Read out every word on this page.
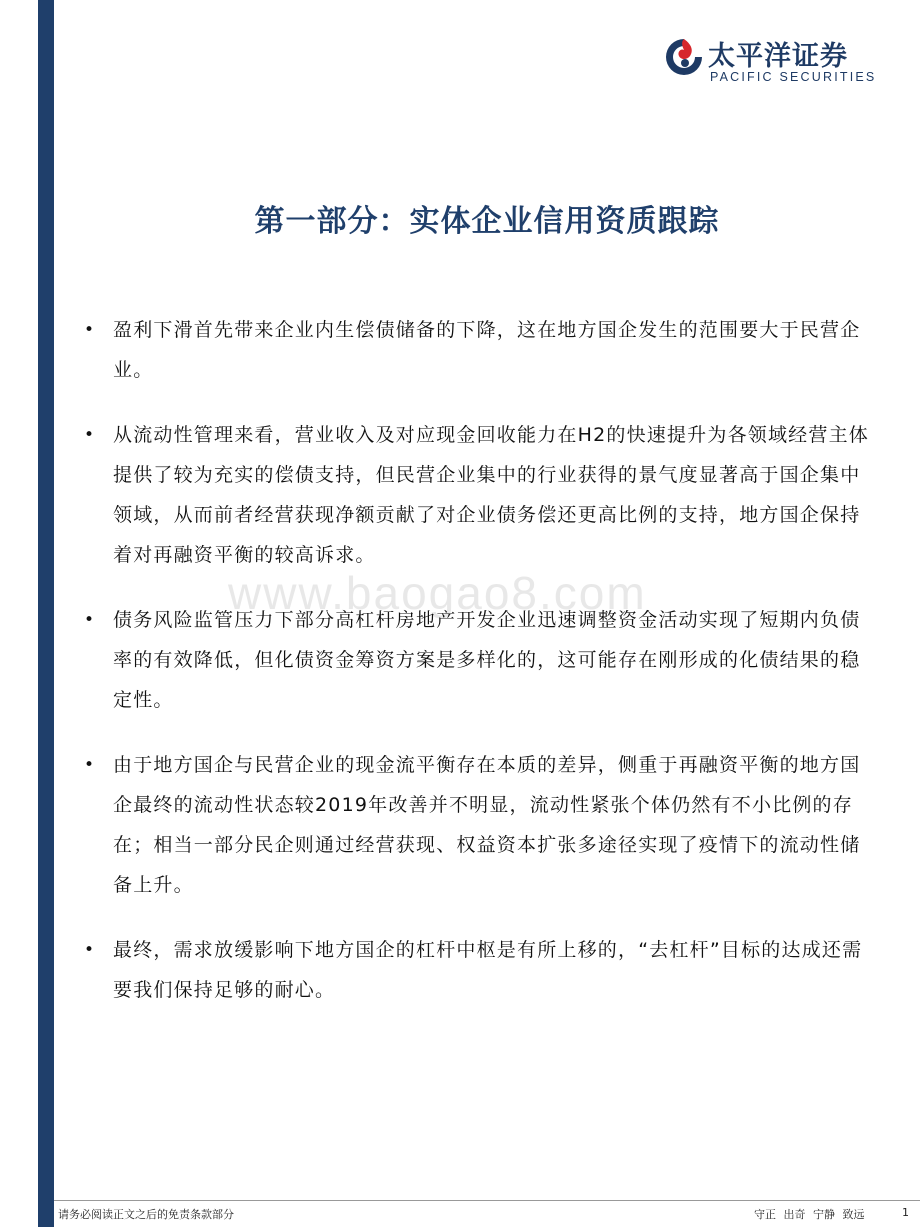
太平洋证券
PACIFIC SECURITIES
第一部分：实体企业信用资质跟踪
www.baogao8.com
• 盈利下滑首先带来企业内生偿债储备的下降，这在地方国企发生的范围要大于民营企业。
• 从流动性管理来看，营业收入及对应现金回收能力在H2的快速提升为各领域经营主体提供了较为充实的偿债支持，但民营企业集中的行业获得的景气度显著高于国企集中领域，从而前者经营获现净额贡献了对企业债务偿还更高比例的支持，地方国企保持着对再融资平衡的较高诉求。
• 债务风险监管压力下部分高杠杆房地产开发企业迅速调整资金活动实现了短期内负债率的有效降低，但化债资金筹资方案是多样化的，这可能存在刚形成的化债结果的稳定性。
• 由于地方国企与民营企业的现金流平衡存在本质的差异，侧重于再融资平衡的地方国企最终的流动性状态较2019年改善并不明显，流动性紧张个体仍然有不小比例的存在；相当一部分民企则通过经营获现、权益资本扩张多途径实现了疫情下的流动性储备上升。
• 最终，需求放缓影响下地方国企的杠杆中枢是有所上移的，“去杠杆”目标的达成还需要我们保持足够的耐心。
请务必阅读正文之后的免责条款部分	守正 出奇 宁静 致远	1
